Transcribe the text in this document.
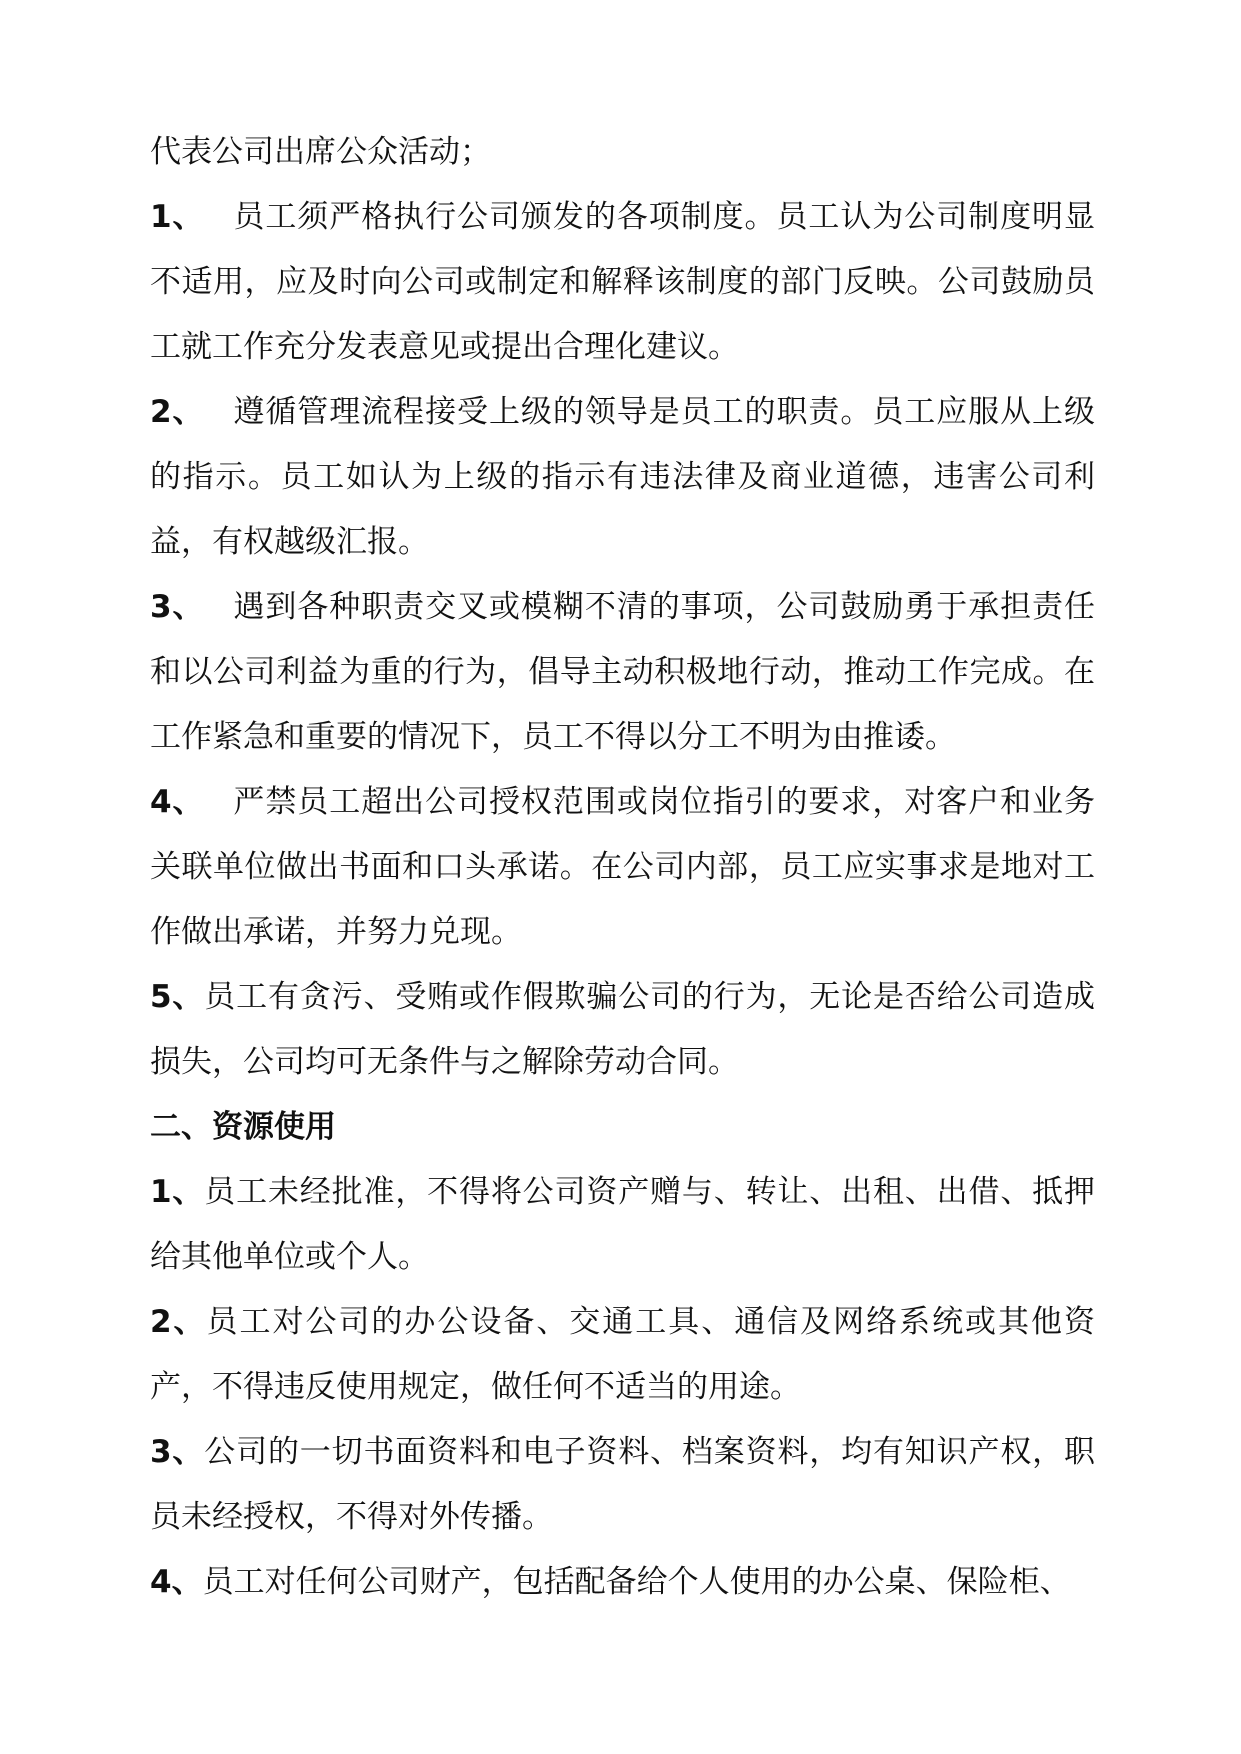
代表公司出席公众活动；

1、 员工须严格执行公司颁发的各项制度。员工认为公司制度明显不适用，应及时向公司或制定和解释该制度的部门反映。公司鼓励员工就工作充分发表意见或提出合理化建议。

2、 遵循管理流程接受上级的领导是员工的职责。员工应服从上级的指示。员工如认为上级的指示有违法律及商业道德，违害公司利益，有权越级汇报。

3、 遇到各种职责交叉或模糊不清的事项，公司鼓励勇于承担责任和以公司利益为重的行为，倡导主动积极地行动，推动工作完成。在工作紧急和重要的情况下，员工不得以分工不明为由推诿。

4、 严禁员工超出公司授权范围或岗位指引的要求，对客户和业务关联单位做出书面和口头承诺。在公司内部，员工应实事求是地对工作做出承诺，并努力兑现。

5、员工有贪污、受贿或作假欺骗公司的行为，无论是否给公司造成损失，公司均可无条件与之解除劳动合同。

二、资源使用

1、员工未经批准，不得将公司资产赠与、转让、出租、出借、抵押给其他单位或个人。

2、员工对公司的办公设备、交通工具、通信及网络系统或其他资产，不得违反使用规定，做任何不适当的用途。

3、公司的一切书面资料和电子资料、档案资料，均有知识产权，职员未经授权，不得对外传播。

4、员工对任何公司财产，包括配备给个人使用的办公桌、保险柜、
